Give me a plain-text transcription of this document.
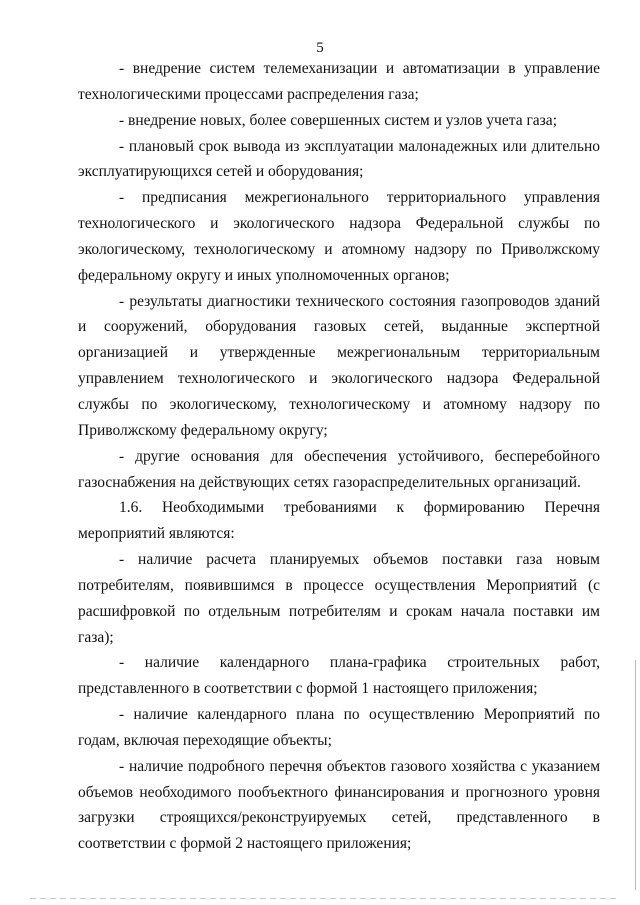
5

- внедрение систем телемеханизации и автоматизации в управление технологическими процессами распределения газа;

- внедрение новых, более совершенных систем и узлов учета газа;

- плановый срок вывода из эксплуатации малонадежных или длительно эксплуатирующихся сетей и оборудования;

- предписания межрегионального территориального управления технологического и экологического надзора Федеральной службы по экологическому, технологическому и атомному надзору по Приволжскому федеральному округу и иных уполномоченных органов;

- результаты диагностики технического состояния газопроводов зданий и сооружений, оборудования газовых сетей, выданные экспертной организацией и утвержденные межрегиональным территориальным управлением технологического и экологического надзора Федеральной службы по экологическому, технологическому и атомному надзору по Приволжскому федеральному округу;

- другие основания для обеспечения устойчивого, бесперебойного газоснабжения на действующих сетях газораспределительных организаций.

1.6. Необходимыми требованиями к формированию Перечня мероприятий являются:

- наличие расчета планируемых объемов поставки газа новым потребителям, появившимся в процессе осуществления Мероприятий (с расшифровкой по отдельным потребителям и срокам начала поставки им газа);

- наличие календарного плана-графика строительных работ, представленного в соответствии с формой 1 настоящего приложения;

- наличие календарного плана по осуществлению Мероприятий по годам, включая переходящие объекты;

- наличие подробного перечня объектов газового хозяйства с указанием объемов необходимого пообъектного финансирования и прогнозного уровня загрузки строящихся/реконструируемых сетей, представленного в соответствии с формой 2 настоящего приложения;
